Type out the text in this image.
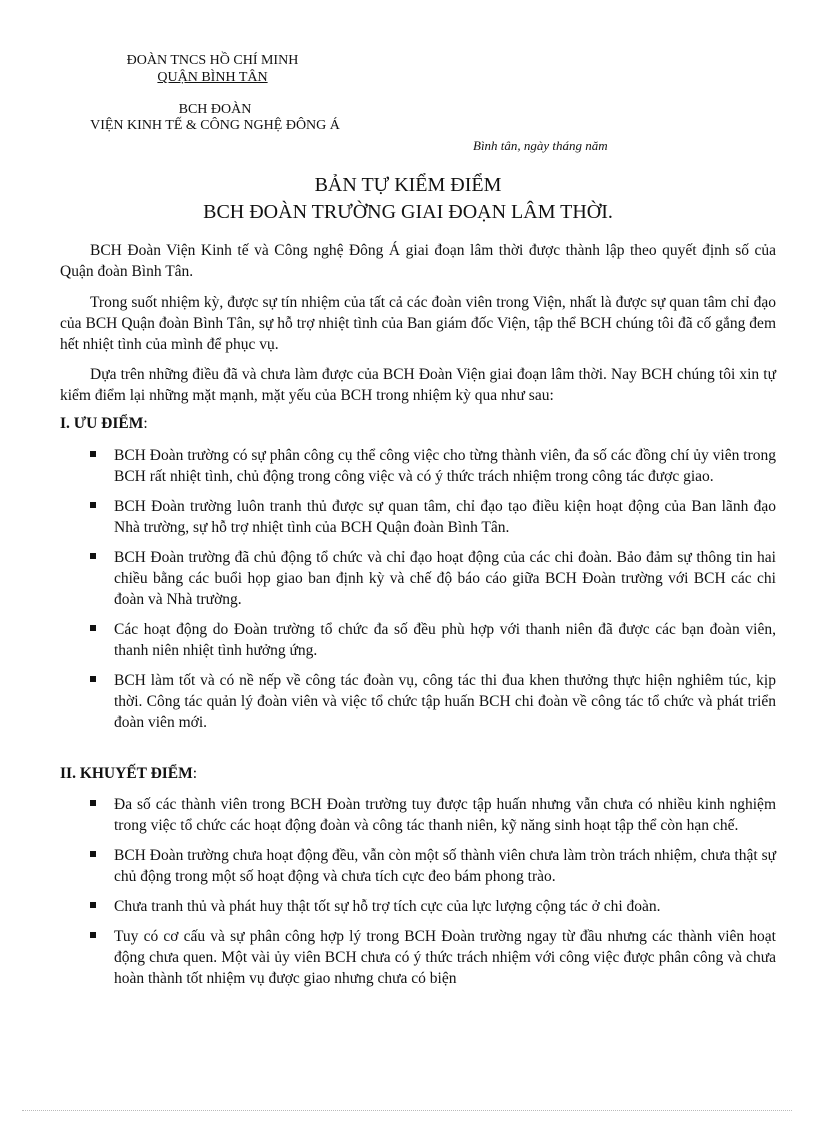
ĐOÀN TNCS HỒ CHÍ MINH
QUẬN BÌNH TÂN
BCH ĐOÀN
VIỆN KINH TẾ & CÔNG NGHỆ ĐÔNG Á
Bình tân, ngày tháng năm
BẢN TỰ KIỂM ĐIỂM
BCH ĐOÀN TRƯỜNG GIAI ĐOẠN LÂM THỜI.

BCH Đoàn Viện Kinh tế và Công nghệ Đông Á giai đoạn lâm thời được thành lập theo quyết định số của Quận đoàn Bình Tân.

Trong suốt nhiệm kỳ, được sự tín nhiệm của tất cả các đoàn viên trong Viện, nhất là được sự quan tâm chỉ đạo của BCH Quận đoàn Bình Tân, sự hỗ trợ nhiệt tình của Ban giám đốc Viện, tập thể BCH chúng tôi đã cố gắng đem hết nhiệt tình của mình để phục vụ.

Dựa trên những điều đã và chưa làm được của BCH Đoàn Viện giai đoạn lâm thời. Nay BCH chúng tôi xin tự kiểm điểm lại những mặt mạnh, mặt yếu của BCH trong nhiệm kỳ qua như sau:

I. ƯU ĐIỂM:
BCH Đoàn trường có sự phân công cụ thể công việc cho từng thành viên, đa số các đồng chí ủy viên trong BCH rất nhiệt tình, chủ động trong công việc và có ý thức trách nhiệm trong công tác được giao.
BCH Đoàn trường luôn tranh thủ được sự quan tâm, chỉ đạo tạo điều kiện hoạt động của Ban lãnh đạo Nhà trường, sự hỗ trợ nhiệt tình của BCH Quận đoàn Bình Tân.
BCH Đoàn trường đã chủ động tổ chức và chỉ đạo hoạt động của các chi đoàn. Bảo đảm sự thông tin hai chiều bằng các buổi họp giao ban định kỳ và chế độ báo cáo giữa BCH Đoàn trường với BCH các chi đoàn và Nhà trường.
Các hoạt động do Đoàn trường tổ chức đa số đều phù hợp với thanh niên đã được các bạn đoàn viên, thanh niên nhiệt tình hưởng ứng.
BCH làm tốt và có nề nếp về công tác đoàn vụ, công tác thi đua khen thưởng thực hiện nghiêm túc, kịp thời. Công tác quản lý đoàn viên và việc tổ chức tập huấn BCH chi đoàn về công tác tổ chức và phát triển đoàn viên mới.
II. KHUYẾT ĐIỂM:
Đa số các thành viên trong BCH Đoàn trường tuy được tập huấn nhưng vẫn chưa có nhiều kinh nghiệm trong việc tổ chức các hoạt động đoàn và công tác thanh niên, kỹ năng sinh hoạt tập thể còn hạn chế.
BCH Đoàn trường chưa hoạt động đều, vẫn còn một số thành viên chưa làm tròn trách nhiệm, chưa thật sự chủ động trong một số hoạt động và chưa tích cực đeo bám phong trào.
Chưa tranh thủ và phát huy thật tốt sự hỗ trợ tích cực của lực lượng cộng tác ở chi đoàn.
Tuy có cơ cấu và sự phân công hợp lý trong BCH Đoàn trường ngay từ đầu nhưng các thành viên hoạt động chưa quen. Một vài ủy viên BCH chưa có ý thức trách nhiệm với công việc được phân công và chưa hoàn thành tốt nhiệm vụ được giao nhưng chưa có biện
